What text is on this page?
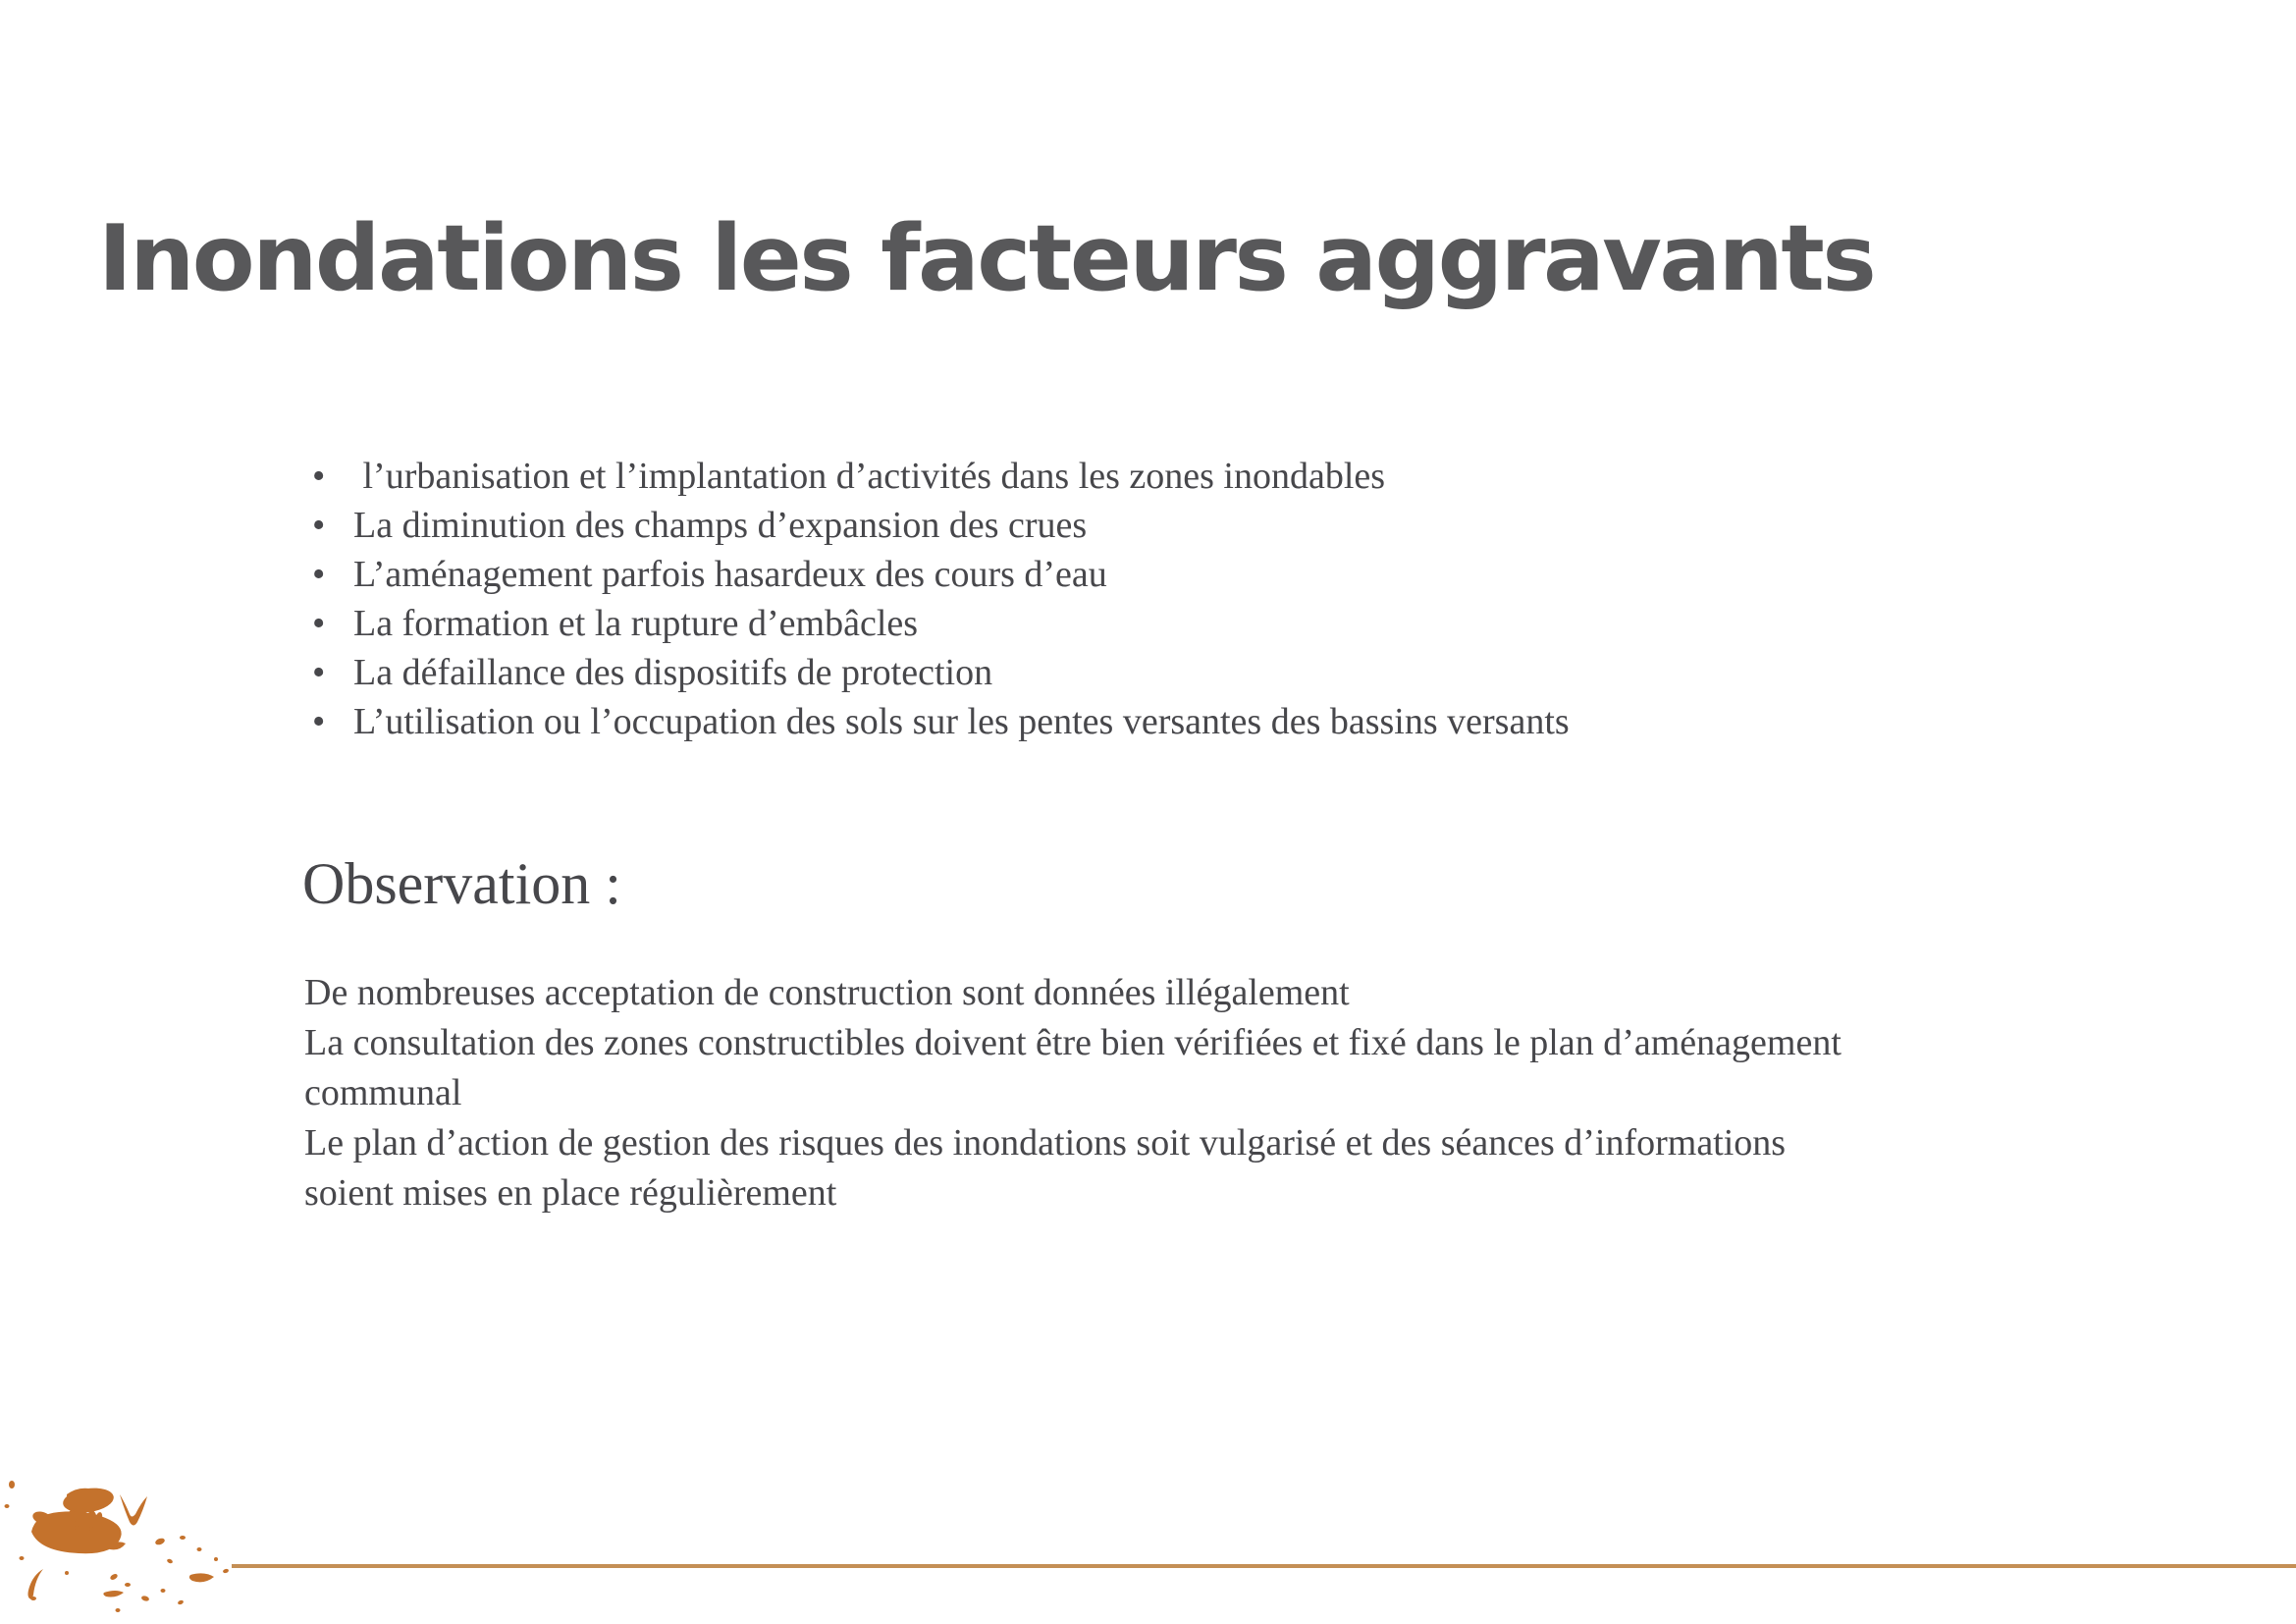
Inondations les facteurs aggravants
•
l’urbanisation et l’implantation d’activités dans les zones inondables
•
La diminution des champs d’expansion des crues
•
L’aménagement parfois hasardeux des cours d’eau
•
La formation et la rupture d’embâcles
•
La défaillance des dispositifs de protection
•
L’utilisation ou l’occupation des sols sur les pentes versantes des bassins versants
Observation :
De nombreuses acceptation de construction sont données illégalement
La consultation des zones constructibles doivent être bien vérifiées et fixé dans le plan d’aménagement
communal
Le plan d’action de gestion des risques des inondations soit vulgarisé et des séances d’informations
soient mises en place régulièrement
